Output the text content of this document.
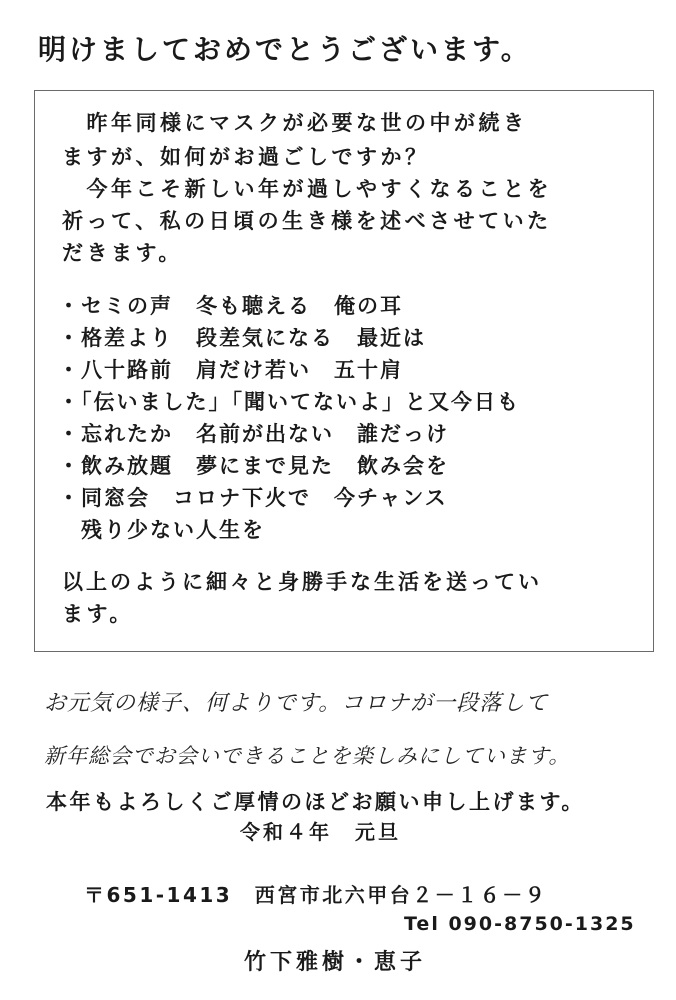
明けましておめでとうございます。
　昨年同様にマスクが必要な世の中が続き
ますが、如何がお過ごしですか？
　今年こそ新しい年が過しやすくなることを
祈って、私の日頃の生き様を述べさせていた
だきます。
・セミの声　冬も聴える　俺の耳
・格差より　段差気になる　最近は
・八十路前　肩だけ若い　五十肩
・「伝いました」「聞いてないよ」と又今日も
・忘れたか　名前が出ない　誰だっけ
・飲み放題　夢にまで見た　飲み会を
・同窓会　コロナ下火で　今チャンス
　残り少ない人生を
以上のように細々と身勝手な生活を送ってい
ます。
お元気の様子、何よりです。コロナが一段落して
新年総会でお会いできることを楽しみにしています。
本年もよろしくご厚情のほどお願い申し上げます。
令和４年　元旦
〒651-1413　西宮市北六甲台２－１６－９
Tel 090-8750-1325
竹下雅樹・恵子
